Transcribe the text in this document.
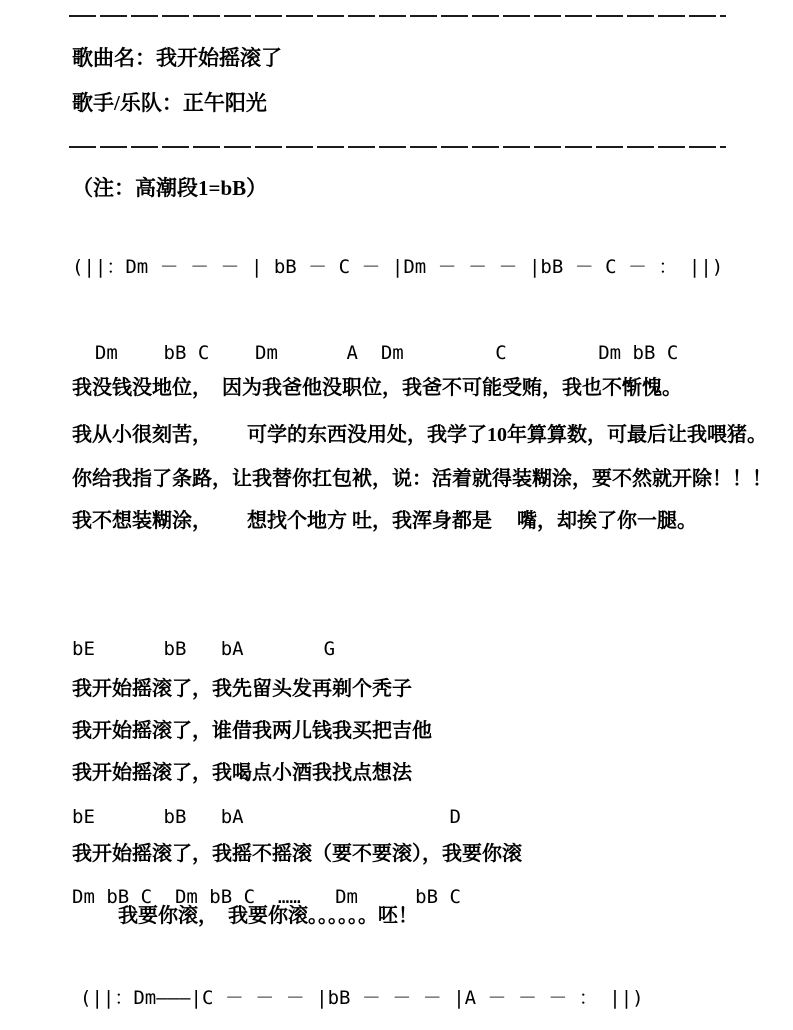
歌曲名：我开始摇滚了
歌手/乐队：正午阳光
（注：高潮段1=bB）
(||：Dm － － － | bB － C － |Dm － － － |bB － C － ： ||)
Dm    bB C    Dm      A  Dm        C        Dm bB C
我没钱没地位，　因为我爸他没职位，我爸不可能受贿，我也不惭愧。
我从小很刻苦，　　 可学的东西没用处，我学了10年算算数，可最后让我喂猪。
你给我指了条路，让我替你扛包袱，说：活着就得装糊涂，要不然就开除！！！
我不想装糊涂，　　 想找个地方 吐，我浑身都是　 嘴，却挨了你一腿。
bE      bB   bA       G
我开始摇滚了，我先留头发再剃个秃子
我开始摇滚了，谁借我两儿钱我买把吉他
我开始摇滚了，我喝点小酒我找点想法
bE      bB   bA                  D
我开始摇滚了，我摇不摇滚（要不要滚），我要你滚
Dm bB C  Dm bB C  ……   Dm     bB C
我要你滚，　我要你滚。。。。。。呸！
(||：Dm———|C － － － |bB － － － |A － － － ： ||)
